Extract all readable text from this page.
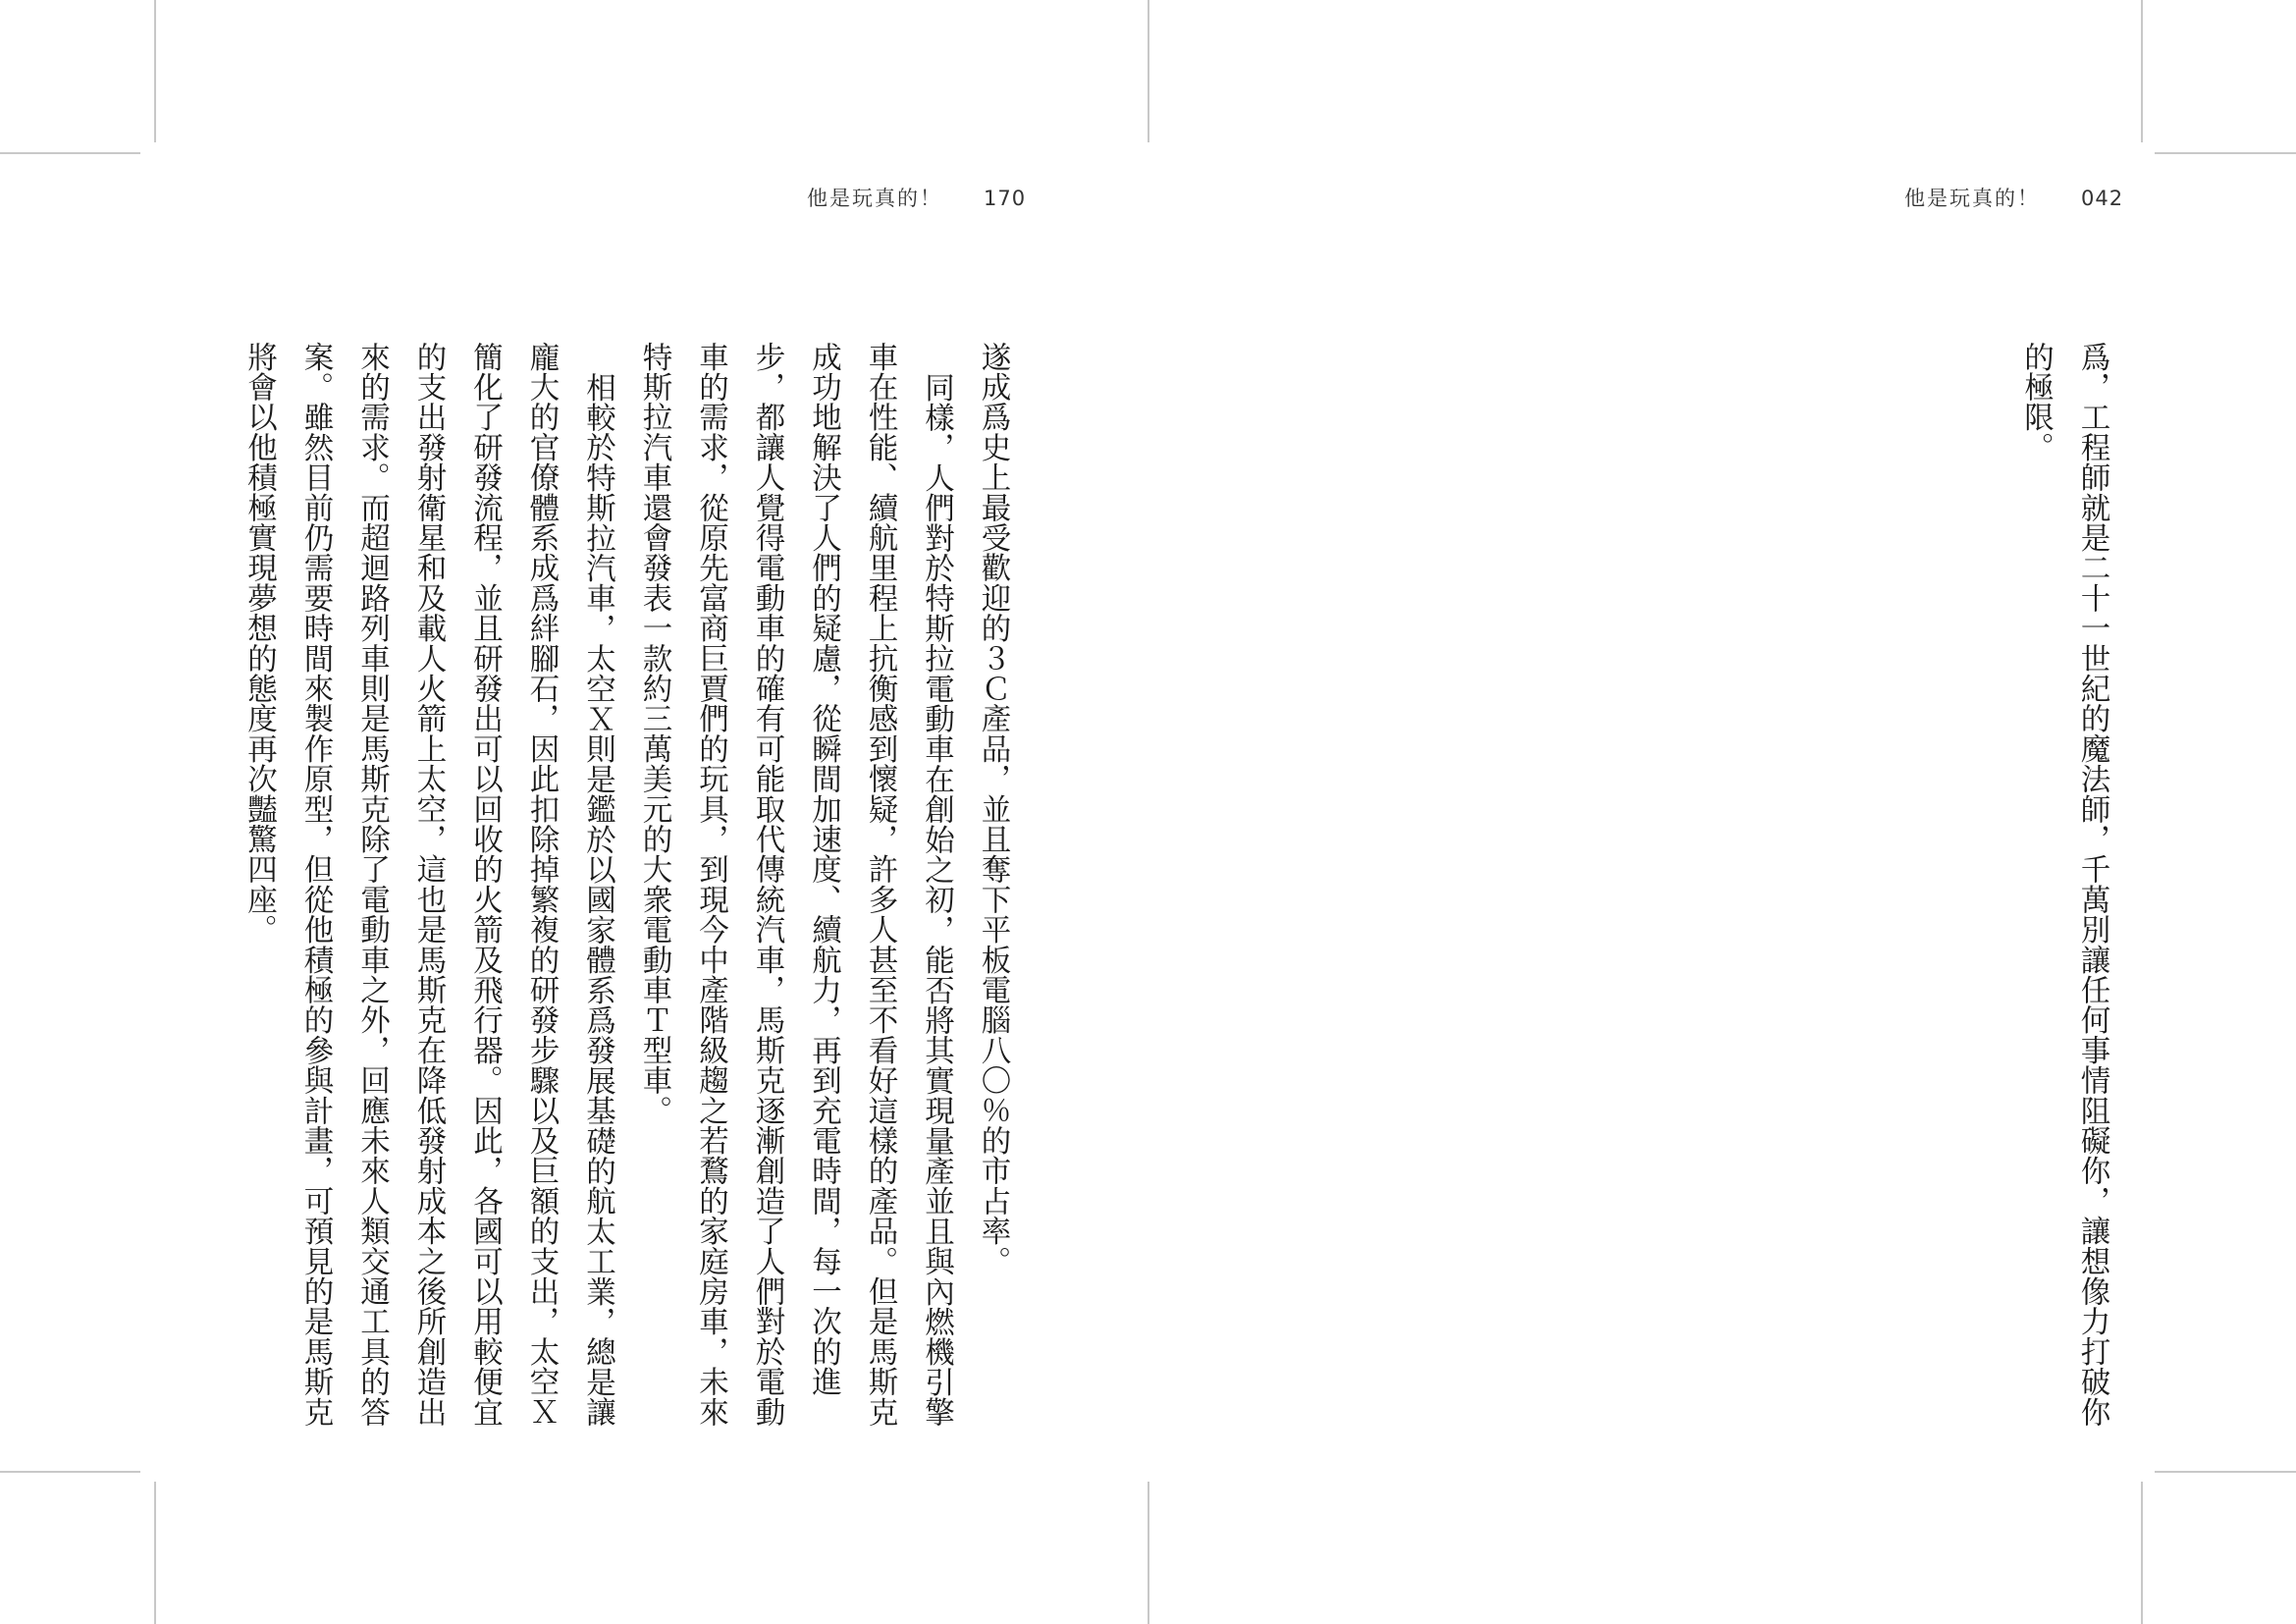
他是玩真的！ 170

遂成爲史上最受歡迎的３Ｃ產品，並且奪下平板電腦八〇％的市占率。

同樣，人們對於特斯拉電動車在創始之初，能否將其實現量產並且與內燃機引擎車在性能、續航里程上抗衡感到懷疑，許多人甚至不看好這樣的產品。但是馬斯克成功地解決了人們的疑慮，從瞬間加速度、續航力，再到充電時間，每一次的進步，都讓人覺得電動車的確有可能取代傳統汽車，馬斯克逐漸創造了人們對於電動車的需求，從原先富商巨賈們的玩具，到現今中產階級趨之若鶩的家庭房車，未來特斯拉汽車還會發表一款約三萬美元的大衆電動車Ｔ型車。

相較於特斯拉汽車，太空Ｘ則是鑑於以國家體系爲發展基礎的航太工業，總是讓龐大的官僚體系成爲絆腳石，因此扣除掉繁複的研發步驟以及巨額的支出，太空Ｘ簡化了研發流程，並且研發出可以回收的火箭及飛行器。因此，各國可以用較便宜的支出發射衛星和及載人火箭上太空，這也是馬斯克在降低發射成本之後所創造出來的需求。而超迴路列車則是馬斯克除了電動車之外，回應未來人類交通工具的答案。雖然目前仍需要時間來製作原型，但從他積極的參與計畫，可預見的是馬斯克將會以他積極實現夢想的態度再次豔驚四座。

他是玩真的！ 042

爲，工程師就是二十一世紀的魔法師，千萬別讓任何事情阻礙你，讓想像力打破你的極限。
